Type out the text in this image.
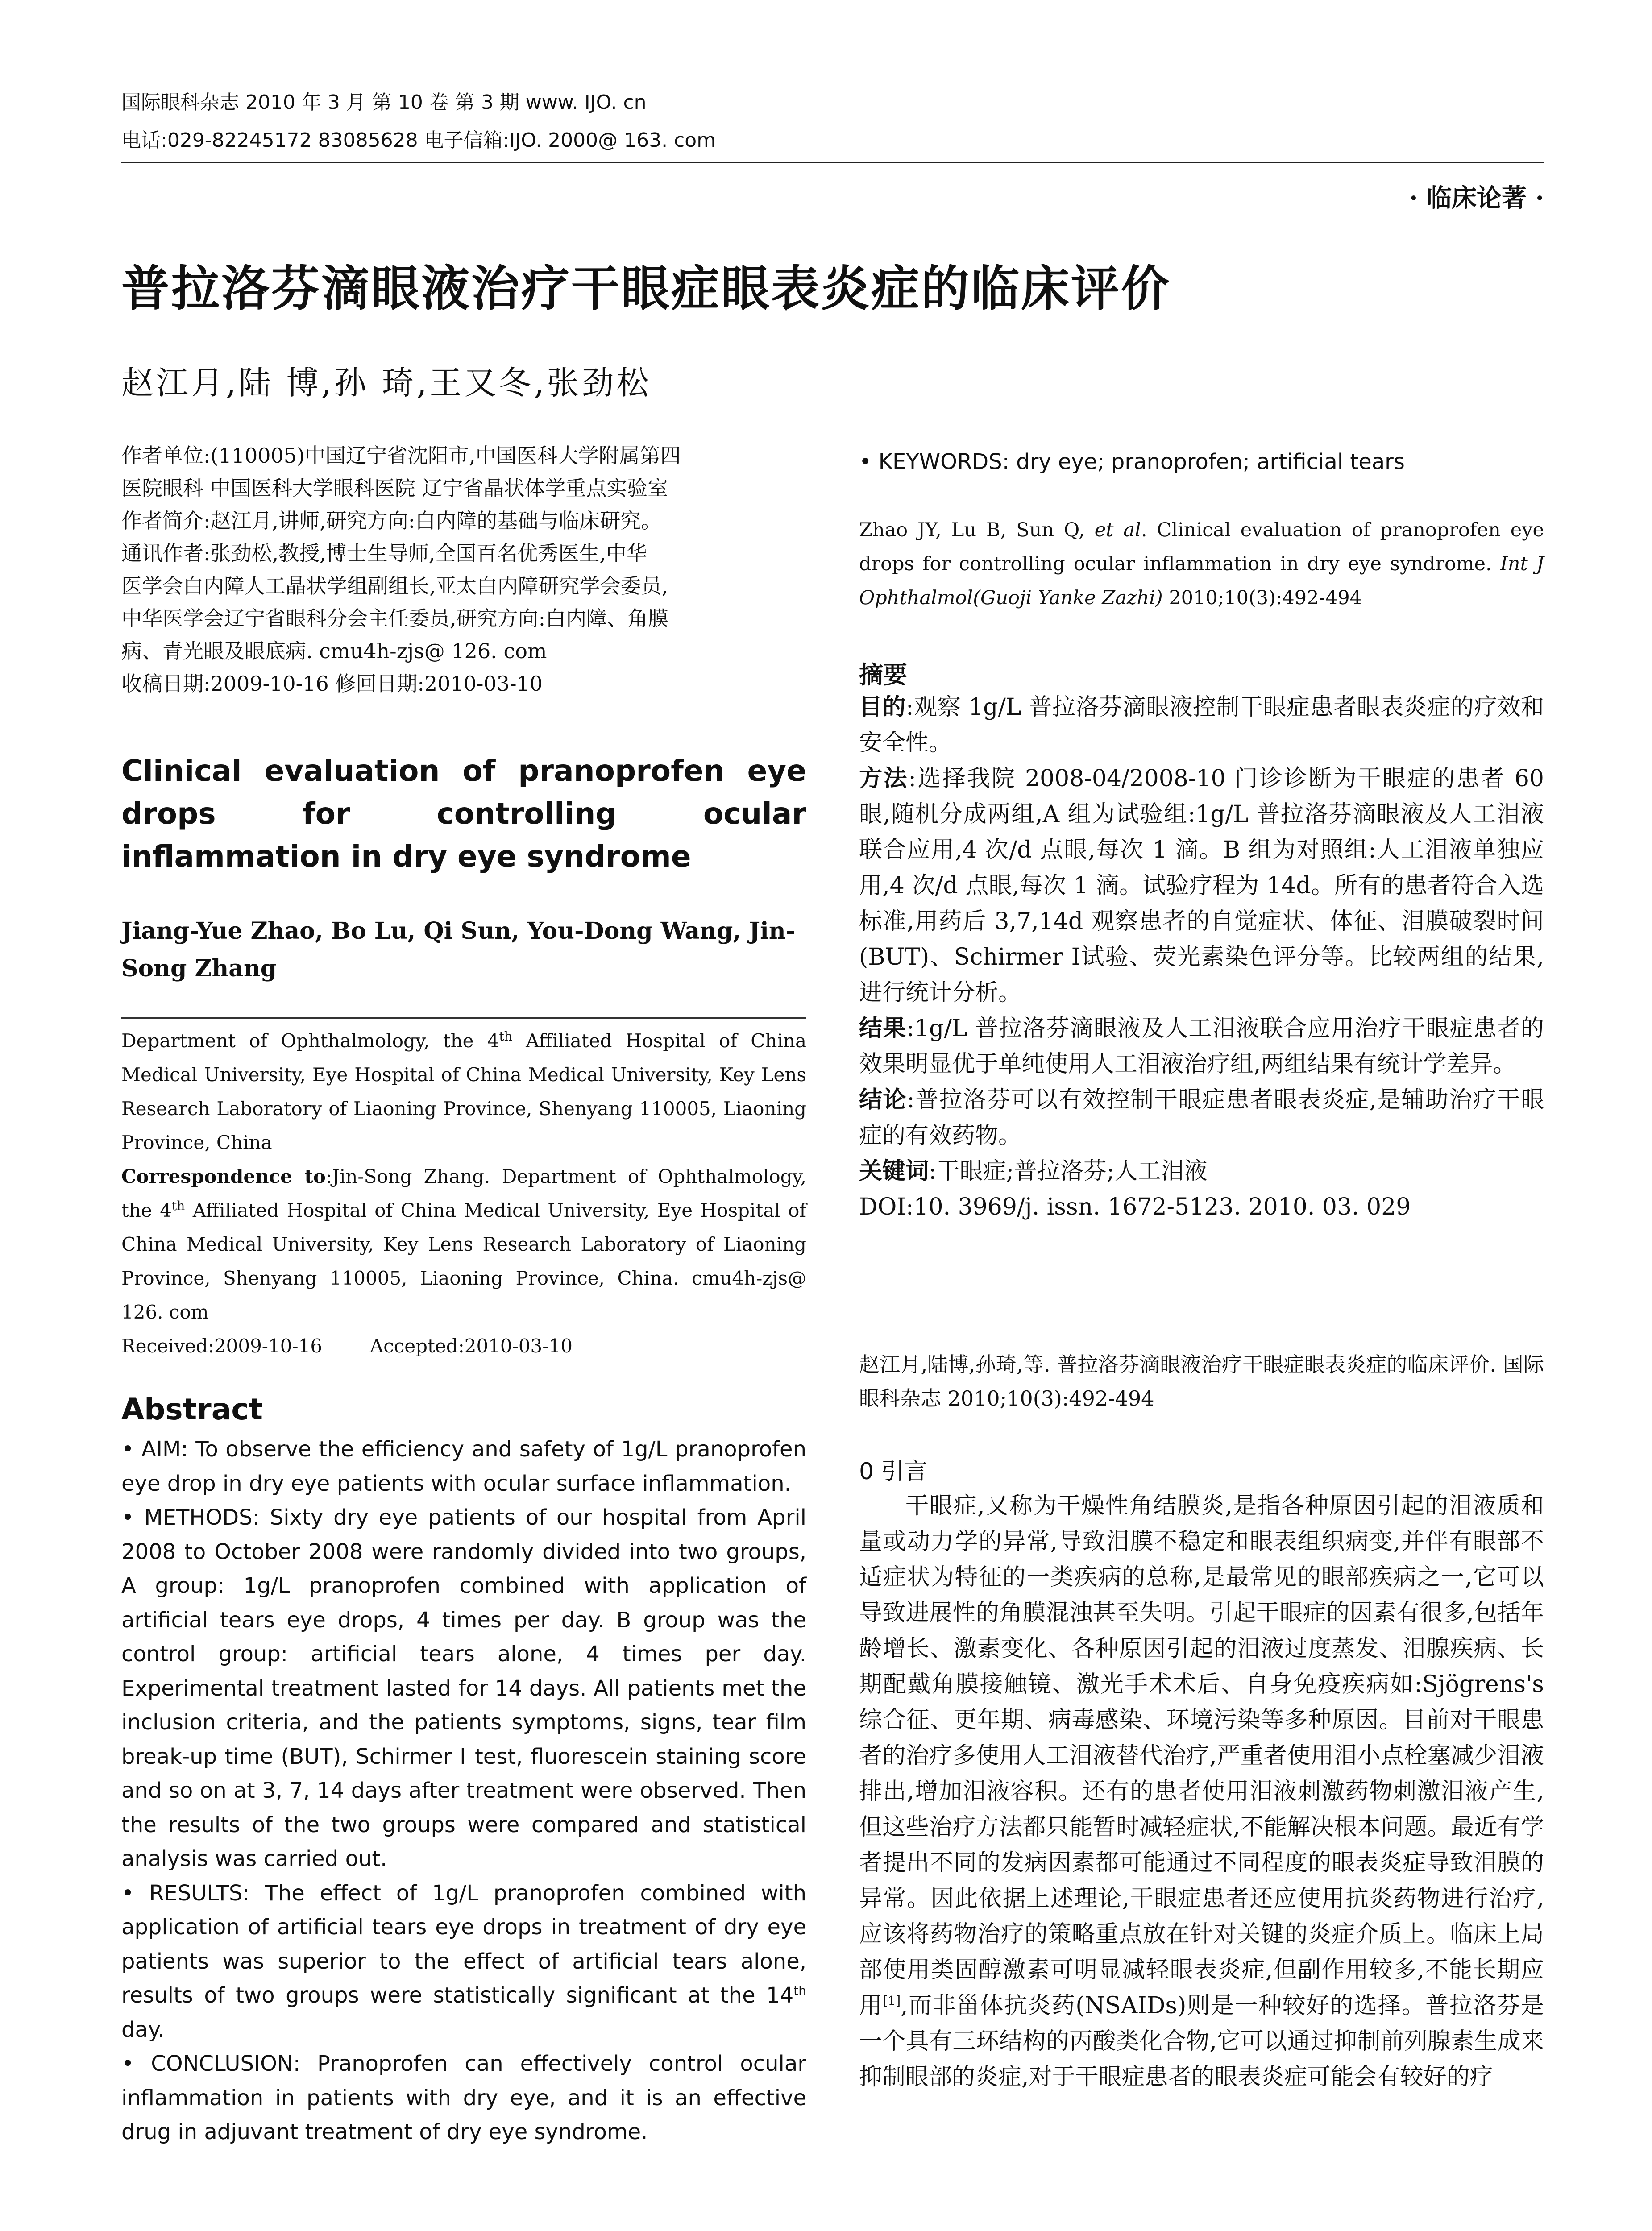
国际眼科杂志 2010 年 3 月 第 10 卷 第 3 期 www. IJO. cn
电话:029-82245172 83085628 电子信箱:IJO. 2000@ 163. com
· 临床论著 ·
普拉洛芬滴眼液治疗干眼症眼表炎症的临床评价
赵江月,陆 博,孙 琦,王又冬,张劲松

作者单位:(110005)中国辽宁省沈阳市,中国医科大学附属第四

医院眼科 中国医科大学眼科医院 辽宁省晶状体学重点实验室

作者简介:赵江月,讲师,研究方向:白内障的基础与临床研究。

通讯作者:张劲松,教授,博士生导师,全国百名优秀医生,中华

医学会白内障人工晶状学组副组长,亚太白内障研究学会委员,

中华医学会辽宁省眼科分会主任委员,研究方向:白内障、角膜

病、青光眼及眼底病. cmu4h-zjs@ 126. com

收稿日期:2009-10-16 修回日期:2010-03-10

Clinical evaluation of pranoprofen eye drops for controlling ocular inflammation in dry eye syndrome
Jiang-Yue Zhao, Bo Lu, Qi Sun, You-Dong Wang, Jin-Song Zhang
Department of Ophthalmology, the 4th Affiliated Hospital of China Medical University, Eye Hospital of China Medical University, Key Lens Research Laboratory of Liaoning Province, Shenyang 110005, Liaoning Province, China
Correspondence to:Jin-Song Zhang. Department of Ophthalmology, the 4th Affiliated Hospital of China Medical University, Eye Hospital of China Medical University, Key Lens Research Laboratory of Liaoning Province, Shenyang 110005, Liaoning Province, China. cmu4h-zjs@ 126. com
Received:2009-10-16        Accepted:2010-03-10
Abstract

• AIM: To observe the efficiency and safety of 1g/L pranoprofen eye drop in dry eye patients with ocular surface inflammation.

• METHODS: Sixty dry eye patients of our hospital from April 2008 to October 2008 were randomly divided into two groups, A group: 1g/L pranoprofen combined with application of artificial tears eye drops, 4 times per day. B group was the control group: artificial tears alone, 4 times per day. Experimental treatment lasted for 14 days. All patients met the inclusion criteria, and the patients symptoms, signs, tear film break-up time (BUT), Schirmer Ⅰ test, fluorescein staining score and so on at 3, 7, 14 days after treatment were observed. Then the results of the two groups were compared and statistical analysis was carried out.

• RESULTS: The effect of 1g/L pranoprofen combined with application of artificial tears eye drops in treatment of dry eye patients was superior to the effect of artificial tears alone, results of two groups were statistically significant at the 14th day.

• CONCLUSION: Pranoprofen can effectively control ocular inflammation in patients with dry eye, and it is an effective drug in adjuvant treatment of dry eye syndrome.

• KEYWORDS: dry eye; pranoprofen; artificial tears
Zhao JY, Lu B, Sun Q, et al. Clinical evaluation of pranoprofen eye drops for controlling ocular inflammation in dry eye syndrome. Int J Ophthalmol(Guoji Yanke Zazhi) 2010;10(3):492-494
摘要

目的:观察 1g/L 普拉洛芬滴眼液控制干眼症患者眼表炎症的疗效和安全性。

方法:选择我院 2008-04/2008-10 门诊诊断为干眼症的患者 60 眼,随机分成两组,A 组为试验组:1g/L 普拉洛芬滴眼液及人工泪液联合应用,4 次/d 点眼,每次 1 滴。B 组为对照组:人工泪液单独应用,4 次/d 点眼,每次 1 滴。试验疗程为 14d。所有的患者符合入选标准,用药后 3,7,14d 观察患者的自觉症状、体征、泪膜破裂时间(BUT)、Schirmer Ⅰ试验、荧光素染色评分等。比较两组的结果,进行统计分析。

结果:1g/L 普拉洛芬滴眼液及人工泪液联合应用治疗干眼症患者的效果明显优于单纯使用人工泪液治疗组,两组结果有统计学差异。

结论:普拉洛芬可以有效控制干眼症患者眼表炎症,是辅助治疗干眼症的有效药物。

关键词:干眼症;普拉洛芬;人工泪液

DOI:10. 3969/j. issn. 1672-5123. 2010. 03. 029

赵江月,陆博,孙琦,等. 普拉洛芬滴眼液治疗干眼症眼表炎症的临床评价. 国际眼科杂志 2010;10(3):492-494
0 引言

干眼症,又称为干燥性角结膜炎,是指各种原因引起的泪液质和量或动力学的异常,导致泪膜不稳定和眼表组织病变,并伴有眼部不适症状为特征的一类疾病的总称,是最常见的眼部疾病之一,它可以导致进展性的角膜混浊甚至失明。引起干眼症的因素有很多,包括年龄增长、激素变化、各种原因引起的泪液过度蒸发、泪腺疾病、长期配戴角膜接触镜、激光手术术后、自身免疫疾病如:Sjögrens's 综合征、更年期、病毒感染、环境污染等多种原因。目前对干眼患者的治疗多使用人工泪液替代治疗,严重者使用泪小点栓塞减少泪液排出,增加泪液容积。还有的患者使用泪液刺激药物刺激泪液产生,但这些治疗方法都只能暂时减轻症状,不能解决根本问题。最近有学者提出不同的发病因素都可能通过不同程度的眼表炎症导致泪膜的异常。因此依据上述理论,干眼症患者还应使用抗炎药物进行治疗,应该将药物治疗的策略重点放在针对关键的炎症介质上。临床上局部使用类固醇激素可明显减轻眼表炎症,但副作用较多,不能长期应用[1],而非甾体抗炎药(NSAIDs)则是一种较好的选择。普拉洛芬是一个具有三环结构的丙酸类化合物,它可以通过抑制前列腺素生成来抑制眼部的炎症,对于干眼症患者的眼表炎症可能会有较好的疗
